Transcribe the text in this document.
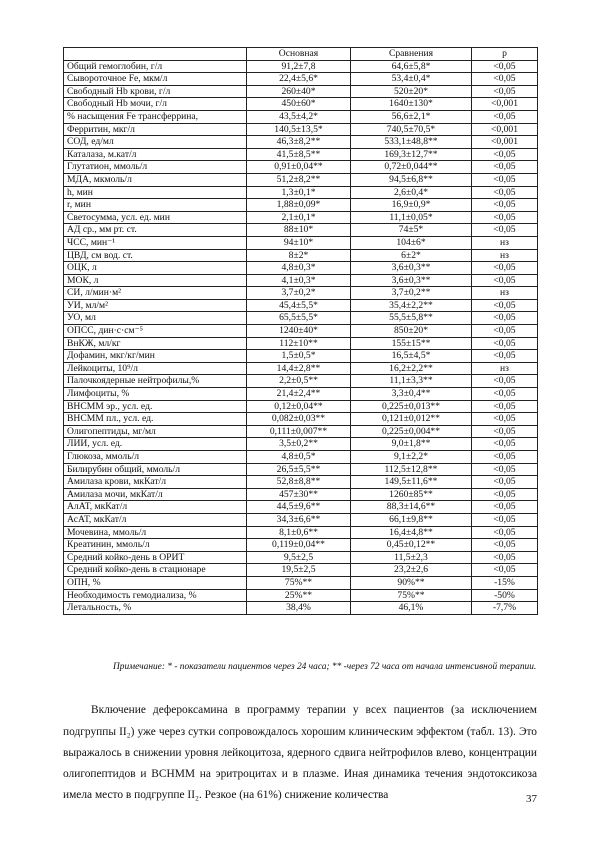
	Основная	Сравнения	р
Общий гемоглобин, г/л	91,2±7,8	64,6±5,8*	<0,05
Сывороточное Fe, мкм/л	22,4±5,6*	53,4±0,4*	<0,05
Свободный Hb крови, г/л	260±40*	520±20*	<0,05
Свободный Hb мочи, г/л	450±60*	1640±130*	<0,001
% насыщения Fe трансферрина,	43,5±4,2*	56,6±2,1*	<0,05
Ферритин, мкг/л	140,5±13,5*	740,5±70,5*	<0,001
СОД, ед/мл	46,3±8,2**	533,1±48,8**	<0,001
Каталаза, м.кат/л	41,5±8,5**	169,3±12,7**	<0,05
Глутатион, ммоль/л	0,91±0,04**	0,72±0,044**	<0,05
МДА, мкмоль/л	51,2±8,2**	94,5±6,8**	<0,05
h, мин	1,3±0,1*	2,6±0,4*	<0,05
r, мин	1,88±0,09*	16,9±0,9*	<0,05
Светосумма, усл. ед. мин	2,1±0,1*	11,1±0,05*	<0,05
АД ср., мм рт. ст.	88±10*	74±5*	<0,05
ЧСС, мин⁻¹	94±10*	104±6*	нз
ЦВД, см вод. ст.	8±2*	6±2*	нз
ОЦК, л	4,8±0,3*	3,6±0,3**	<0,05
МОК, л	4,1±0,3*	3,6±0,3**	<0,05
СИ, л/мин·м²	3,7±0,2*	3,7±0,2**	нз
УИ, мл/м²	45,4±5,5*	35,4±2,2**	<0,05
УО, мл	65,5±5,5*	55,5±5,8**	<0,05
ОПСС, дин·с·см⁻⁵	1240±40*	850±20*	<0,05
ВнКЖ, мл/кг	112±10**	155±15**	<0,05
Дофамин, мкг/кг/мин	1,5±0,5*	16,5±4,5*	<0,05
Лейкоциты, 10⁹/л	14,4±2,8**	16,2±2,2**	нз
Палочкоядерные нейтрофилы,%	2,2±0,5**	11,1±3,3**	<0,05
Лимфоциты, %	21,4±2,4**	3,3±0,4**	<0,05
ВНСММ эр., усл. ед.	0,12±0,04**	0,225±0,013**	<0,05
ВНСММ пл., усл. ед.	0,082±0,03**	0,121±0,012**	<0,05
Олигопептиды, мг/мл	0,111±0,007**	0,225±0,004**	<0,05
ЛИИ, усл. ед.	3,5±0,2**	9,0±1,8**	<0,05
Глюкоза, ммоль/л	4,8±0,5*	9,1±2,2*	<0,05
Билирубин общий, ммоль/л	26,5±5,5**	112,5±12,8**	<0,05
Амилаза крови, мкКат/л	52,8±8,8**	149,5±11,6**	<0,05
Амилаза мочи, мкКат/л	457±30**	1260±85**	<0,05
АлАТ, мкКат/л	44,5±9,6**	88,3±14,6**	<0,05
АсАТ, мкКат/л	34,3±6,6**	66,1±9,8**	<0,05
Мочевина, ммоль/л	8,1±0,6**	16,4±4,8**	<0,05
Креатинин, ммоль/л	0,119±0,04**	0,45±0,12**	<0,05
Средний койко-день в ОРИТ	9,5±2,5	11,5±2,3	<0,05
Средний койко-день в стационаре	19,5±2,5	23,2±2,6	<0,05
ОПН, %	75%**	90%**	-15%
Необходимость гемодиализа, %	25%**	75%**	-50%
Летальность, %	38,4%	46,1%	-7,7%

Примечание: * - показатели пациентов через 24 часа; ** -через 72 часа от начала интенсивной терапии.

Включение дефероксамина в программу терапии у всех пациентов (за исключением подгруппы II₂) уже через сутки сопровождалось хорошим клиническим эффектом (табл. 13). Это выражалось в снижении уровня лейкоцитоза, ядерного сдвига нейтрофилов влево, концентрации олигопептидов и ВСНММ на эритроцитах и в плазме. Иная динамика течения эндотоксикоза имела место в подгруппе II₂. Резкое (на 61%) снижение количества	37
